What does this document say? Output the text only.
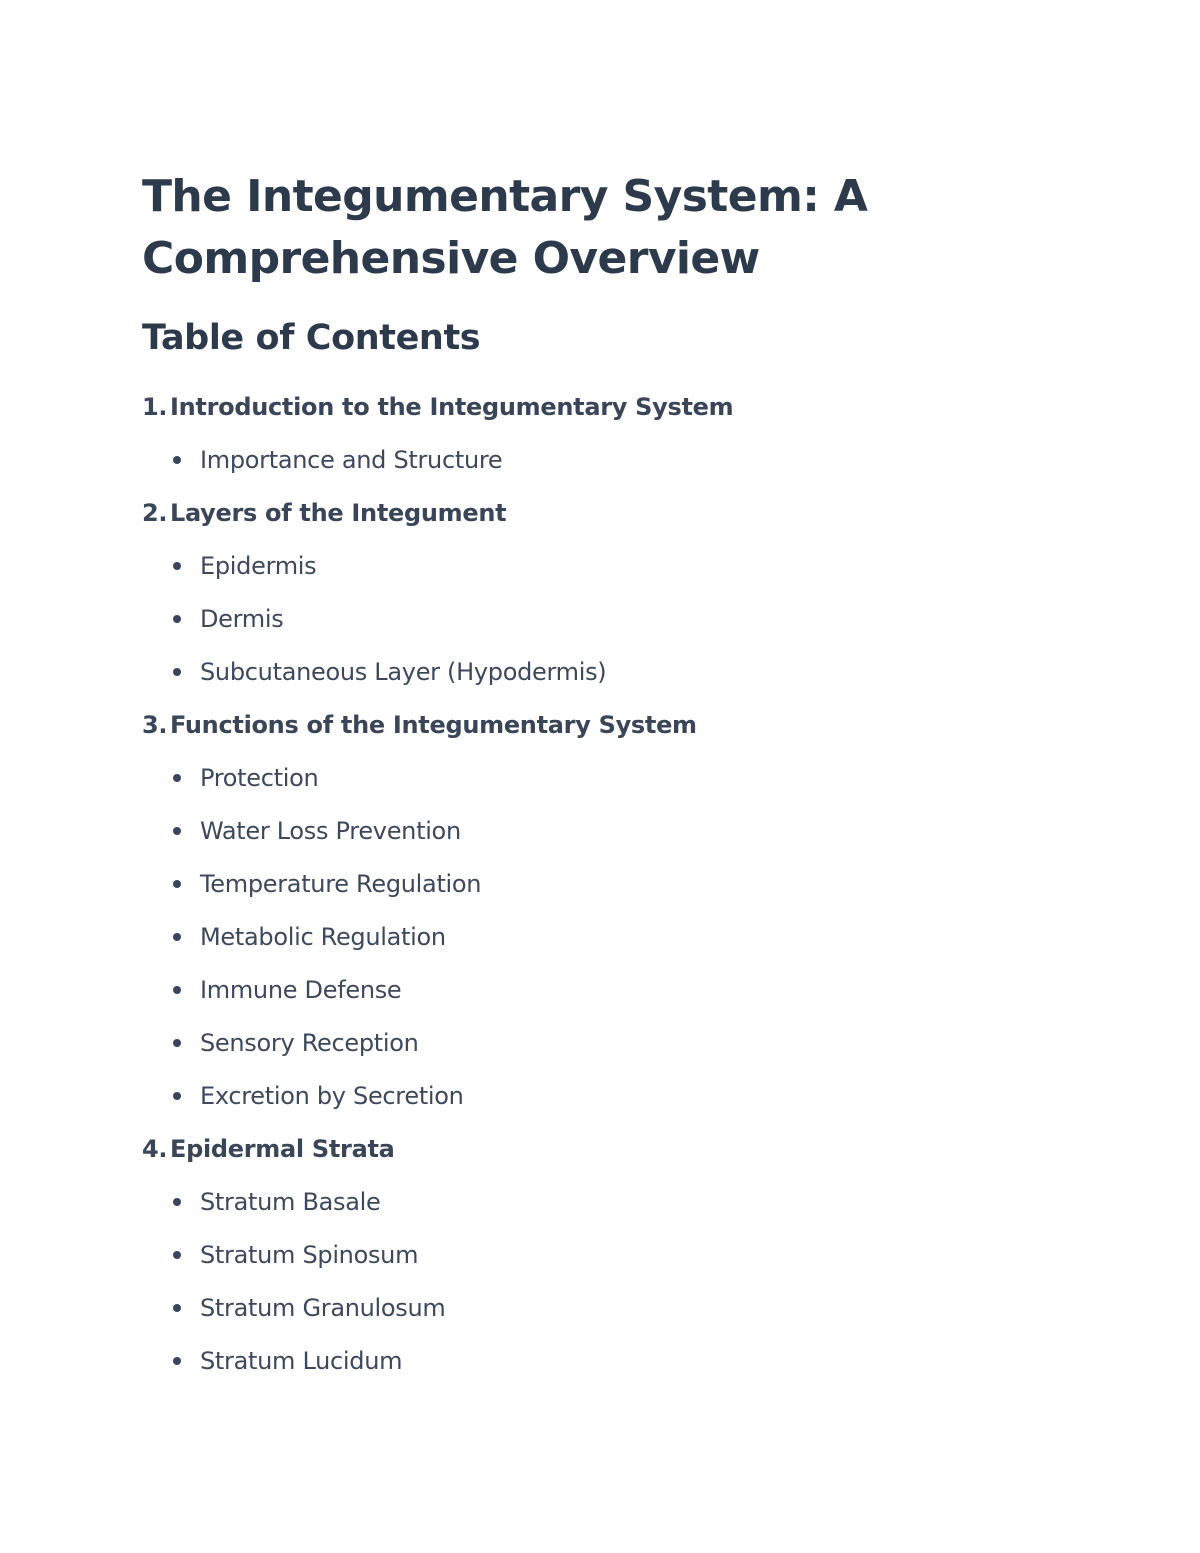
The Integumentary System: A Comprehensive Overview
Table of Contents
1. Introduction to the Integumentary System
Importance and Structure
2. Layers of the Integument
Epidermis
Dermis
Subcutaneous Layer (Hypodermis)
3. Functions of the Integumentary System
Protection
Water Loss Prevention
Temperature Regulation
Metabolic Regulation
Immune Defense
Sensory Reception
Excretion by Secretion
4. Epidermal Strata
Stratum Basale
Stratum Spinosum
Stratum Granulosum
Stratum Lucidum
